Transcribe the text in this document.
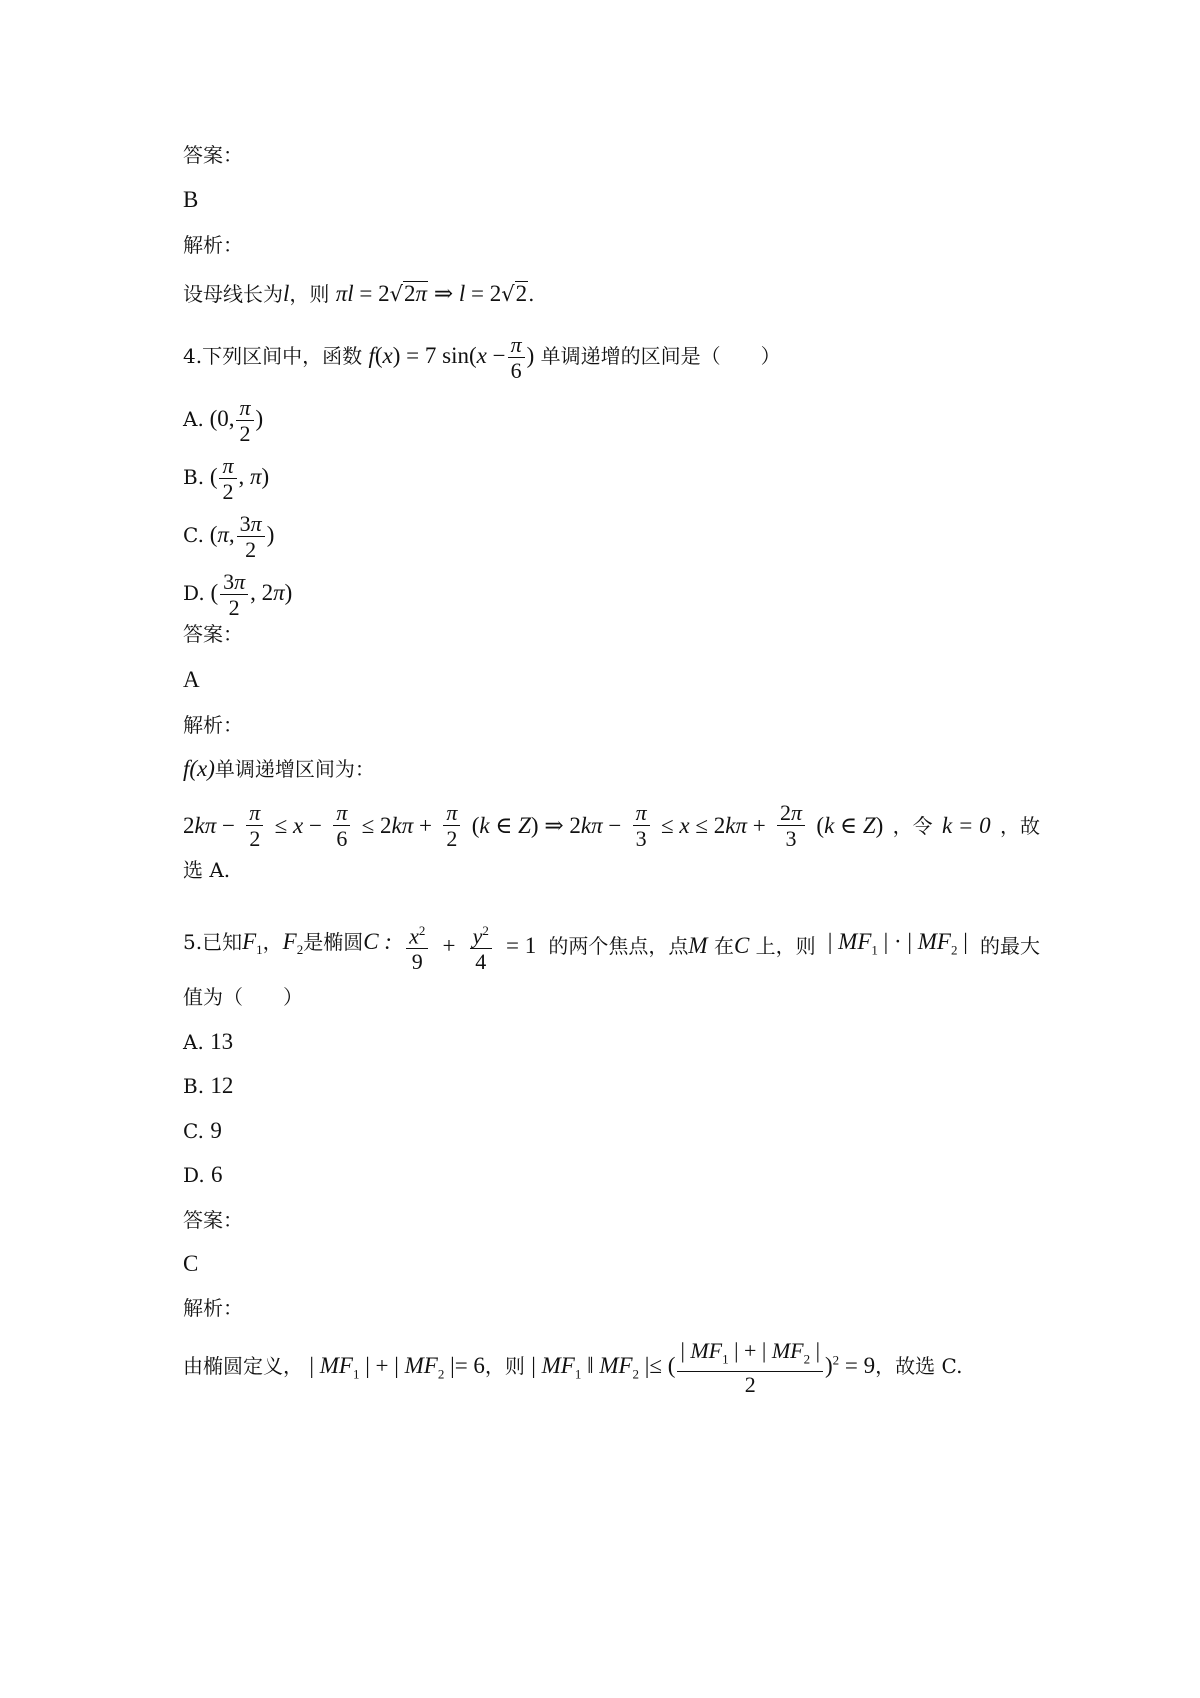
答案：
B
解析：
设母线长为l，则 πl = 2√2π ⇒ l = 2√2.
4.下列区间中，函数 f(x) = 7 $\sin(x - \frac{\pi}{6}$ ) 单调递增的区间是（　　）
A. (0, $\frac{\pi}{2}$ )
B. ( $\frac{\pi}{2}$ , π)
C. (π, $\frac{3\pi}{2}$ )
D. ( $\frac{3\pi}{2}$ , 2π)
答案：
A
解析：
f(x)单调递增区间为：
$2k\pi - \frac{\pi}{2} \le x - \frac{\pi}{6} \le 2k\pi + \frac{\pi}{2} (k$ ∈ Z) ⇒ $2k\pi - \frac{\pi}{3} \le x \le 2k\pi + \frac{2\pi}{3} (k$ ∈ Z) ，令 k = 0 ，故
选 A.
5.已知$F_1$，$F_2$是椭圆C : $\frac{x^2}{9} + \frac{y^2}{4} = 1$ 的两个焦点，点M 在C 上，则 | $MF_1$ | · | $MF_2$ | 的最大
值为（　　）
A. 13
B. 12
C. 9
D. 6
答案：
C
解析：
由椭圆定义， | $MF_1$ | + | $MF_2$ |= 6，则 | $MF_1$ ‖ $MF_2$ |≤ ( $\frac{| MF_1 | + | MF_2 |}{2} )^2 = 9$，故选 C.
